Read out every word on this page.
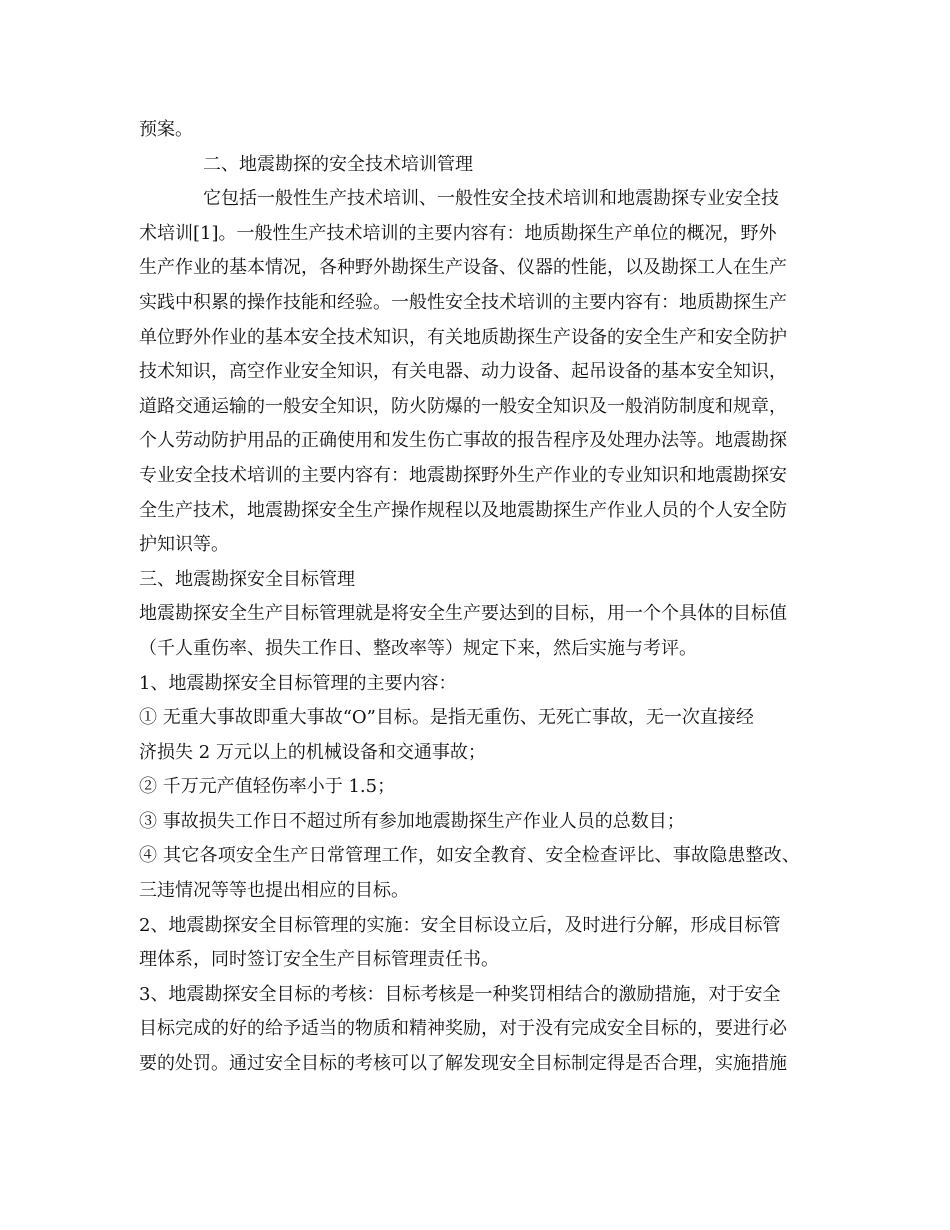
预案。
二、地震勘探的安全技术培训管理
它包括一般性生产技术培训、一般性安全技术培训和地震勘探专业安全技
术培训[1]。一般性生产技术培训的主要内容有：地质勘探生产单位的概况，野外
生产作业的基本情况，各种野外勘探生产设备、仪器的性能，以及勘探工人在生产
实践中积累的操作技能和经验。一般性安全技术培训的主要内容有：地质勘探生产
单位野外作业的基本安全技术知识，有关地质勘探生产设备的安全生产和安全防护
技术知识，高空作业安全知识，有关电器、动力设备、起吊设备的基本安全知识，
道路交通运输的一般安全知识，防火防爆的一般安全知识及一般消防制度和规章，
个人劳动防护用品的正确使用和发生伤亡事故的报告程序及处理办法等。地震勘探
专业安全技术培训的主要内容有：地震勘探野外生产作业的专业知识和地震勘探安
全生产技术，地震勘探安全生产操作规程以及地震勘探生产作业人员的个人安全防
护知识等。
三、地震勘探安全目标管理
地震勘探安全生产目标管理就是将安全生产要达到的目标，用一个个具体的目标值
（千人重伤率、损失工作日、整改率等）规定下来，然后实施与考评。
1、地震勘探安全目标管理的主要内容：
① 无重大事故即重大事故“O”目标。是指无重伤、无死亡事故，无一次直接经
济损失 2 万元以上的机械设备和交通事故；
② 千万元产值轻伤率小于 1.5；
③ 事故损失工作日不超过所有参加地震勘探生产作业人员的总数目；
④ 其它各项安全生产日常管理工作，如安全教育、安全检查评比、事故隐患整改、
三违情况等等也提出相应的目标。
2、地震勘探安全目标管理的实施：安全目标设立后，及时进行分解，形成目标管
理体系，同时签订安全生产目标管理责任书。
3、地震勘探安全目标的考核：目标考核是一种奖罚相结合的激励措施，对于安全
目标完成的好的给予适当的物质和精神奖励，对于没有完成安全目标的，要进行必
要的处罚。通过安全目标的考核可以了解发现安全目标制定得是否合理，实施措施
